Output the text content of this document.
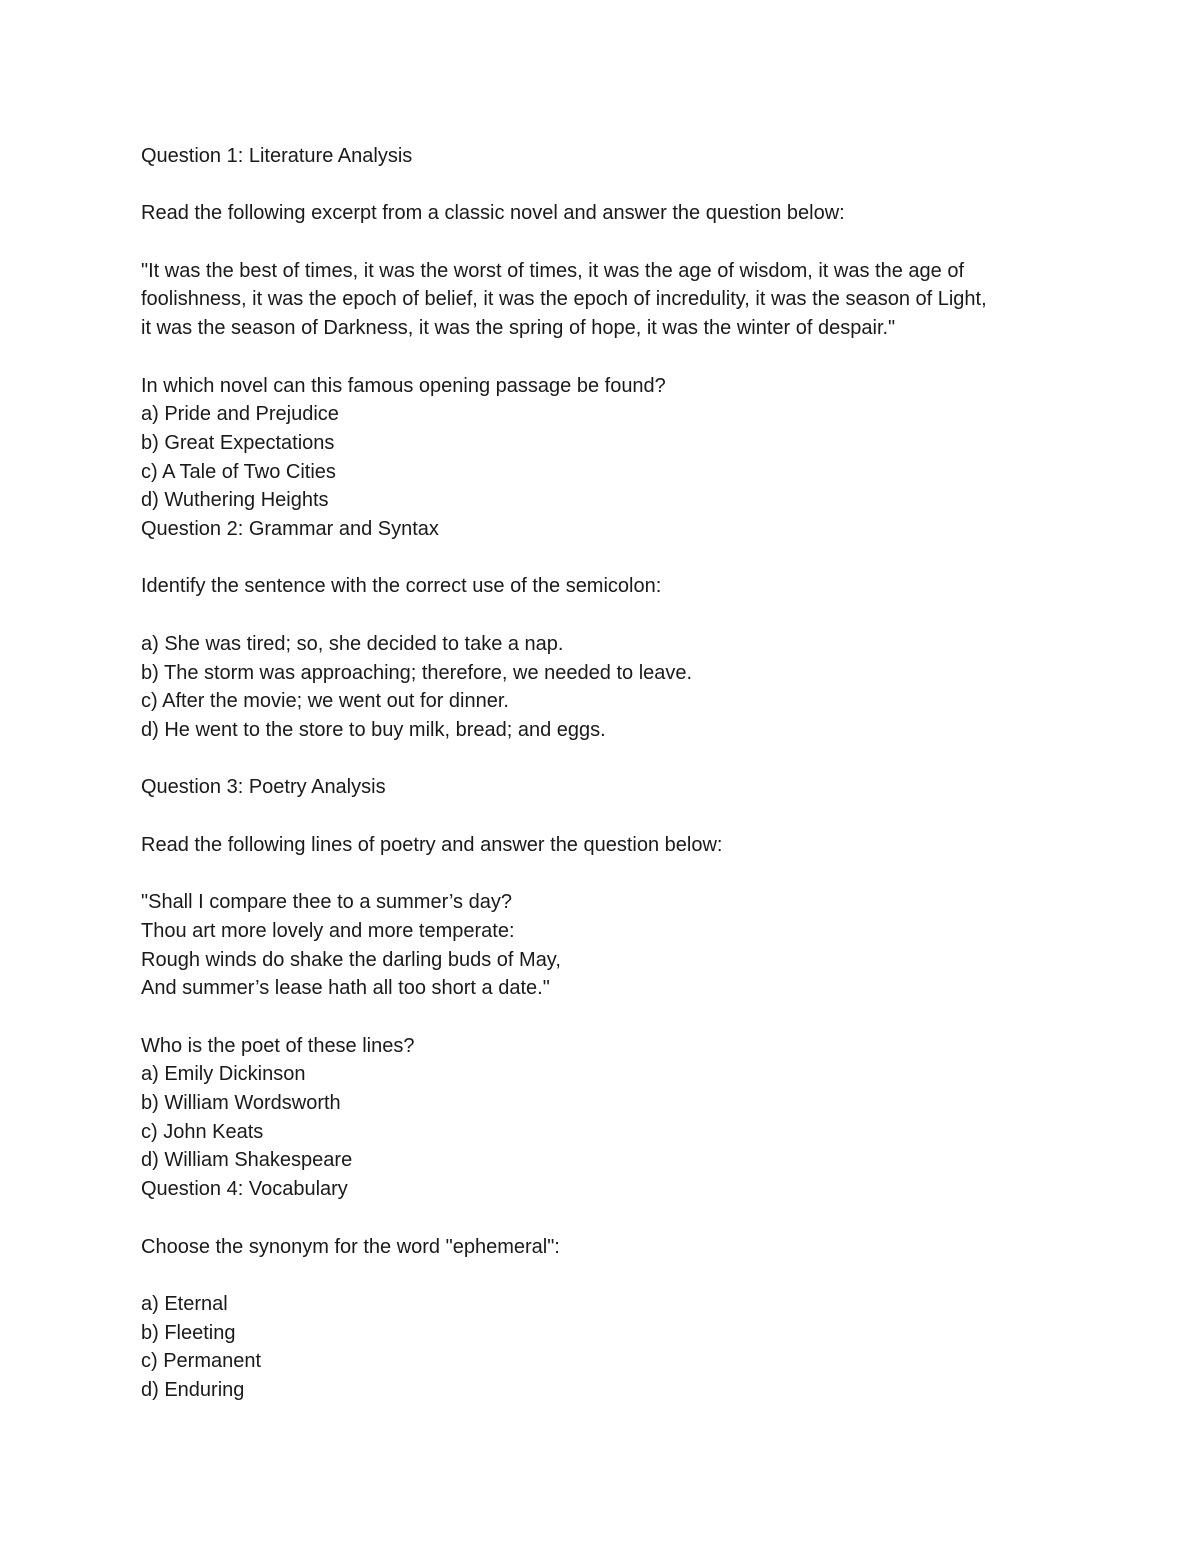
Question 1: Literature Analysis
Read the following excerpt from a classic novel and answer the question below:
"It was the best of times, it was the worst of times, it was the age of wisdom, it was the age of
foolishness, it was the epoch of belief, it was the epoch of incredulity, it was the season of Light,
it was the season of Darkness, it was the spring of hope, it was the winter of despair."
In which novel can this famous opening passage be found?
a) Pride and Prejudice
b) Great Expectations
c) A Tale of Two Cities
d) Wuthering Heights
Question 2: Grammar and Syntax
Identify the sentence with the correct use of the semicolon:
a) She was tired; so, she decided to take a nap.
b) The storm was approaching; therefore, we needed to leave.
c) After the movie; we went out for dinner.
d) He went to the store to buy milk, bread; and eggs.
Question 3: Poetry Analysis
Read the following lines of poetry and answer the question below:
"Shall I compare thee to a summer’s day?
Thou art more lovely and more temperate:
Rough winds do shake the darling buds of May,
And summer’s lease hath all too short a date."
Who is the poet of these lines?
a) Emily Dickinson
b) William Wordsworth
c) John Keats
d) William Shakespeare
Question 4: Vocabulary
Choose the synonym for the word "ephemeral":
a) Eternal
b) Fleeting
c) Permanent
d) Enduring
